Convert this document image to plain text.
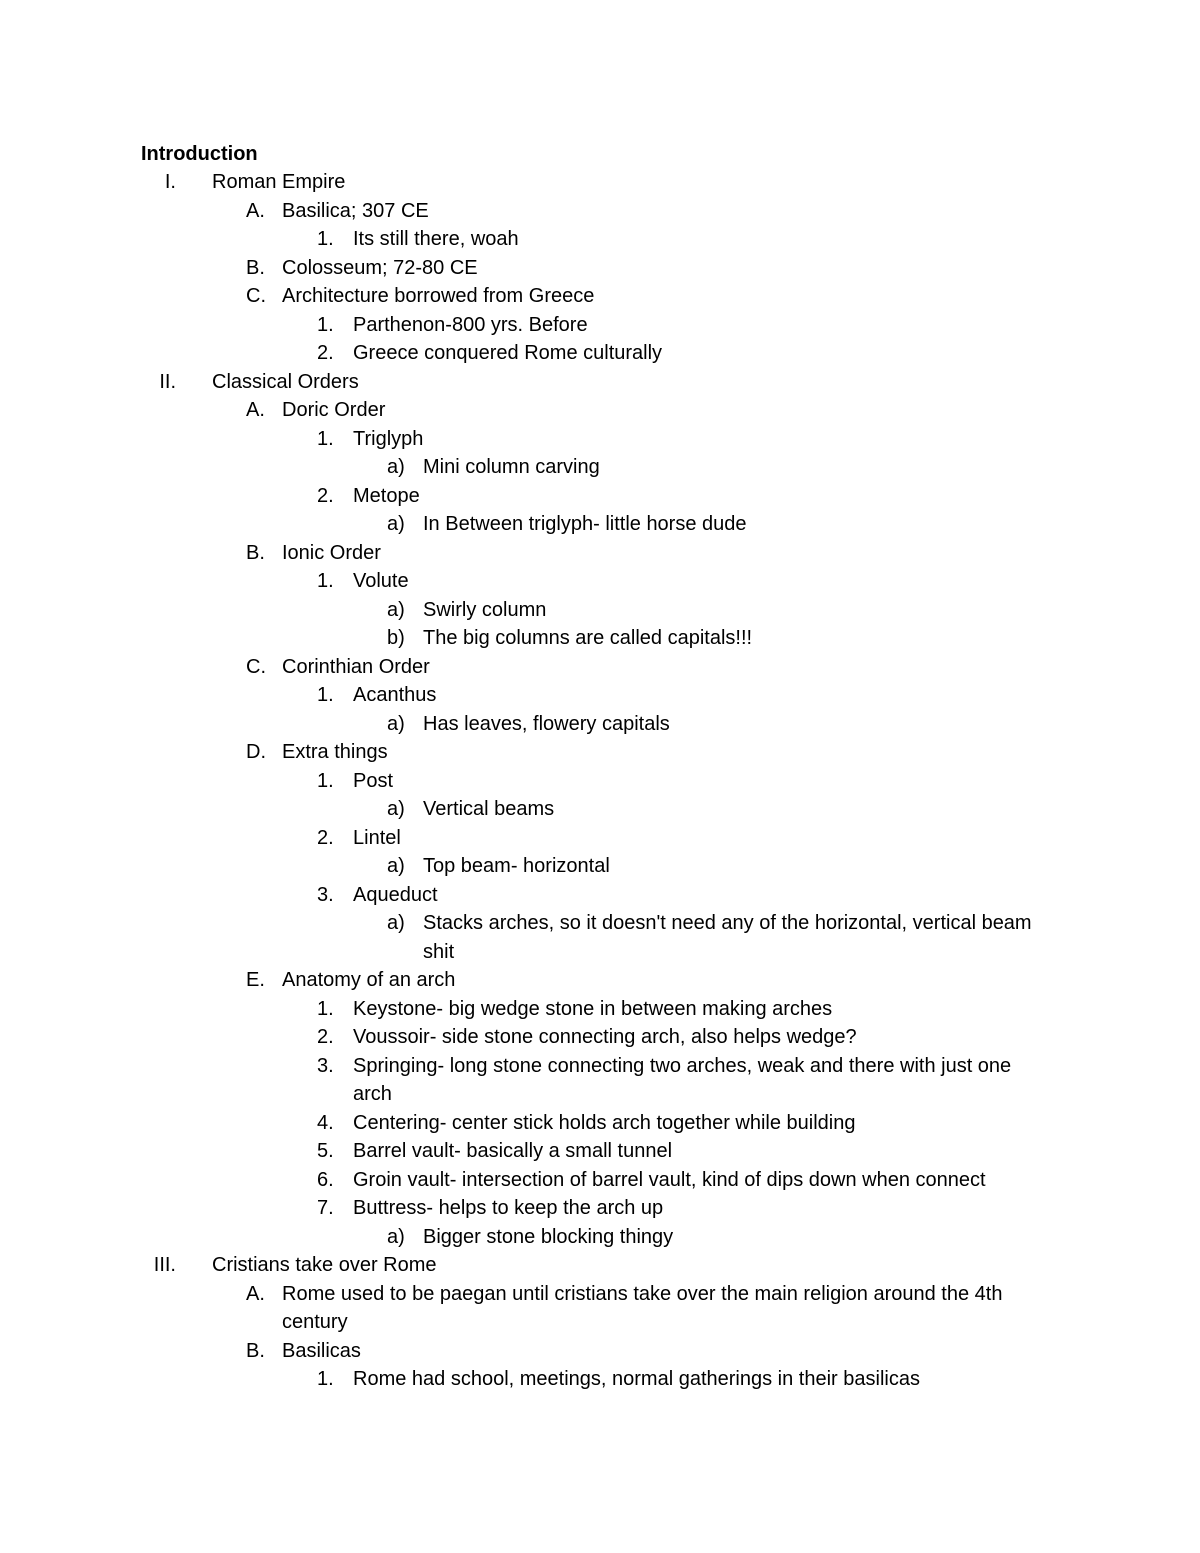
Introduction
I. Roman Empire
A. Basilica; 307 CE
1. Its still there, woah
B. Colosseum; 72-80 CE
C. Architecture borrowed from Greece
1. Parthenon-800 yrs. Before
2. Greece conquered Rome culturally
II. Classical Orders
A. Doric Order
1. Triglyph
a) Mini column carving
2. Metope
a) In Between triglyph- little horse dude
B. Ionic Order
1. Volute
a) Swirly column
b) The big columns are called capitals!!!
C. Corinthian Order
1. Acanthus
a) Has leaves, flowery capitals
D. Extra things
1. Post
a) Vertical beams
2. Lintel
a) Top beam- horizontal
3. Aqueduct
a) Stacks arches, so it doesn't need any of the horizontal, vertical beam shit
E. Anatomy of an arch
1. Keystone- big wedge stone in between making arches
2. Voussoir- side stone connecting arch, also helps wedge?
3. Springing- long stone connecting two arches, weak and there with just one arch
4. Centering- center stick holds arch together while building
5. Barrel vault- basically a small tunnel
6. Groin vault- intersection of barrel vault, kind of dips down when connect
7. Buttress- helps to keep the arch up
a) Bigger stone blocking thingy
III. Cristians take over Rome
A. Rome used to be paegan until cristians take over the main religion around the 4th century
B. Basilicas
1. Rome had school, meetings, normal gatherings in their basilicas
